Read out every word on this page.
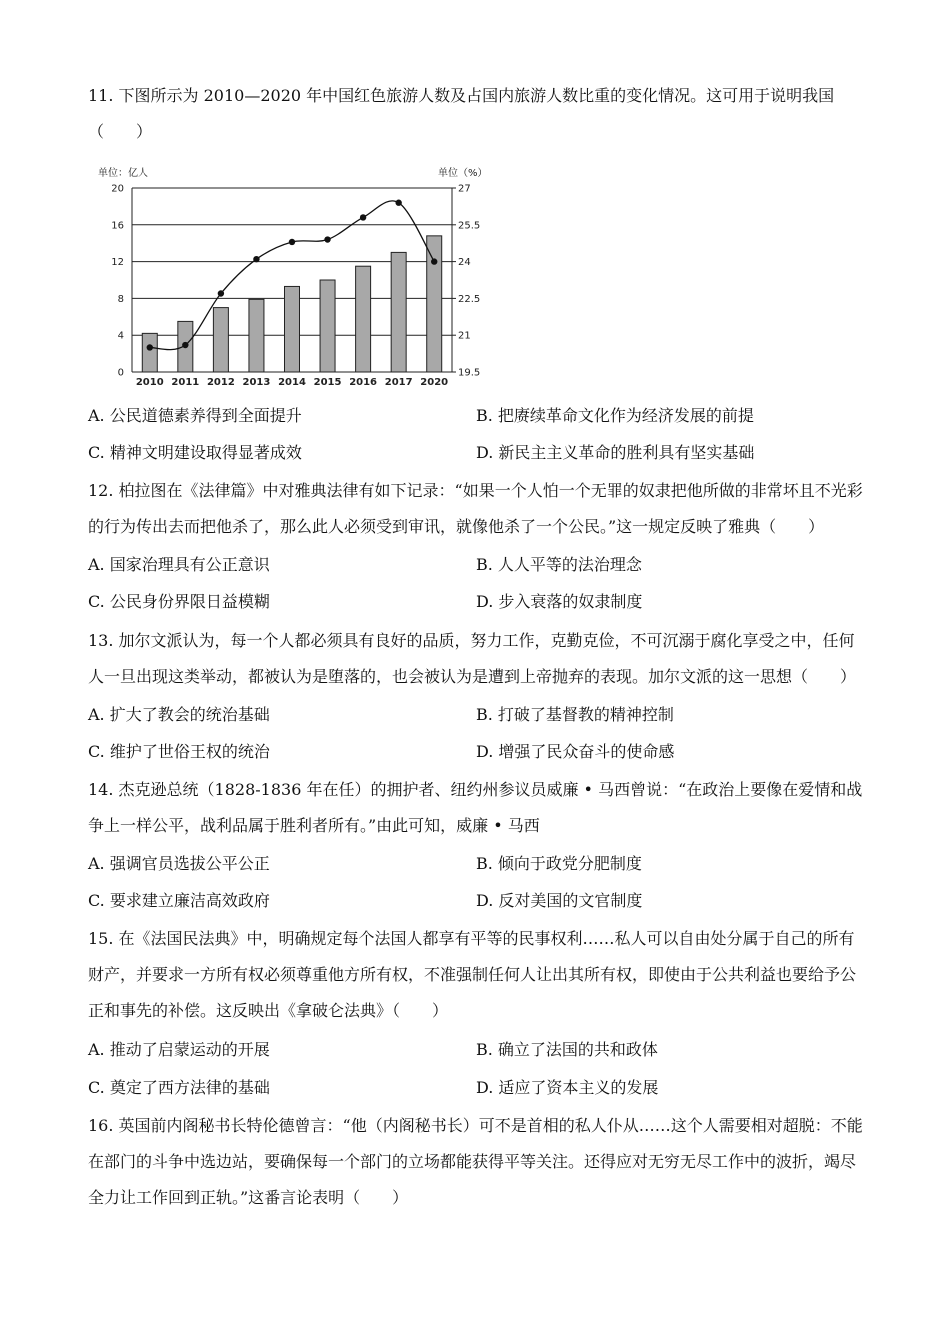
11. 下图所示为 2010—2020 年中国红色旅游人数及占国内旅游人数比重的变化情况。这可用于说明我国（　　）
单位：亿人	单位（%）
0	19.5
4	21
8	22.5
12	24
16	25.5
20	27
2010 2011 2012 2013 2014 2015 2016 2017 2020
A. 公民道德素养得到全面提升	B. 把赓续革命文化作为经济发展的前提
C. 精神文明建设取得显著成效	D. 新民主主义革命的胜利具有坚实基础
12. 柏拉图在《法律篇》中对雅典法律有如下记录：“如果一个人怕一个无罪的奴隶把他所做的非常坏且不光彩的行为传出去而把他杀了，那么此人必须受到审讯，就像他杀了一个公民。”这一规定反映了雅典（　　）
A. 国家治理具有公正意识	B. 人人平等的法治理念
C. 公民身份界限日益模糊	D. 步入衰落的奴隶制度
13. 加尔文派认为，每一个人都必须具有良好的品质，努力工作，克勤克俭，不可沉溺于腐化享受之中，任何人一旦出现这类举动，都被认为是堕落的，也会被认为是遭到上帝抛弃的表现。加尔文派的这一思想（　　）
A. 扩大了教会的统治基础	B. 打破了基督教的精神控制
C. 维护了世俗王权的统治	D. 增强了民众奋斗的使命感
14. 杰克逊总统（1828-1836 年在任）的拥护者、纽约州参议员威廉 • 马西曾说：“在政治上要像在爱情和战争上一样公平，战利品属于胜利者所有。”由此可知，威廉 • 马西
A. 强调官员选拔公平公正	B. 倾向于政党分肥制度
C. 要求建立廉洁高效政府	D. 反对美国的文官制度
15. 在《法国民法典》中，明确规定每个法国人都享有平等的民事权利……私人可以自由处分属于自己的所有财产，并要求一方所有权必须尊重他方所有权，不准强制任何人让出其所有权，即使由于公共利益也要给予公正和事先的补偿。这反映出《拿破仑法典》（　　）
A. 推动了启蒙运动的开展	B. 确立了法国的共和政体
C. 奠定了西方法律的基础	D. 适应了资本主义的发展
16. 英国前内阁秘书长特伦德曾言：“他（内阁秘书长）可不是首相的私人仆从……这个人需要相对超脱：不能在部门的斗争中选边站，要确保每一个部门的立场都能获得平等关注。还得应对无穷无尽工作中的波折，竭尽全力让工作回到正轨。”这番言论表明（　　）
